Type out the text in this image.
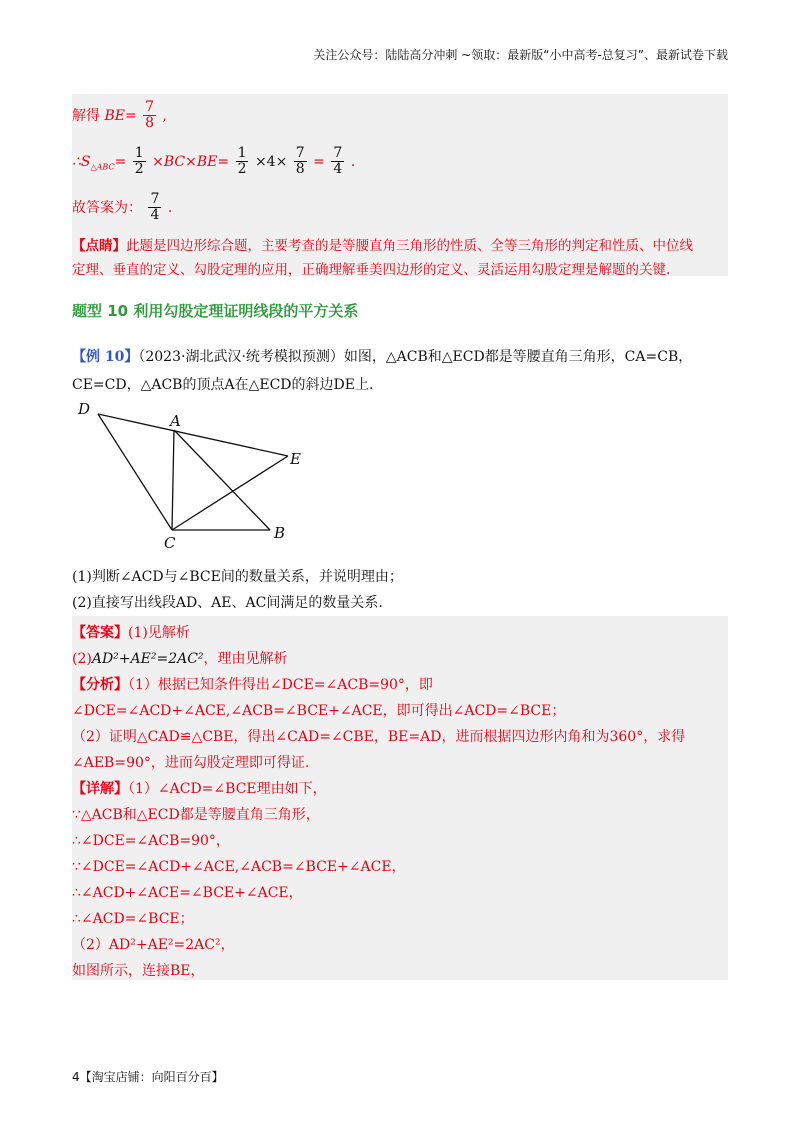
关注公众号：陆陆高分冲刺 ~领取：最新版“小中高考-总复习”、最新试卷下载
解得 $BE= \frac{7}{8}$ ,
$\therefore S_{\triangle ABC}= \frac{1}{2} \times BC\times BE= \frac{1}{2} \times 4\times \frac{7}{8} = \frac{7}{4}$ .
故答案为： $\frac{7}{4}$ .
【点睛】此题是四边形综合题，主要考查的是等腰直角三角形的性质、全等三角形的判定和性质、中位线
定理、垂直的定义、勾股定理的应用，正确理解垂美四边形的定义、灵活运用勾股定理是解题的关键.
题型 10 利用勾股定理证明线段的平方关系
【例 10】（2023·湖北武汉·统考模拟预测）如图，△ACB和△ECD都是等腰直角三角形，CA=CB，
CE=CD，△ACB的顶点A在△ECD的斜边DE上.
D
A
E
B
C
(1)判断∠ACD与∠BCE间的数量关系，并说明理由；
(2)直接写出线段AD、AE、AC间满足的数量关系.
【答案】(1)见解析
(2)AD²+AE²=2AC²，理由见解析
【分析】（1）根据已知条件得出∠DCE=∠ACB=90°，即
∠DCE=∠ACD+∠ACE,∠ACB=∠BCE+∠ACE，即可得出∠ACD=∠BCE；
（2）证明△CAD≌△CBE，得出∠CAD=∠CBE，BE=AD，进而根据四边形内角和为360°，求得
∠AEB=90°，进而勾股定理即可得证.
【详解】（1）∠ACD=∠BCE理由如下，
∵△ACB和△ECD都是等腰直角三角形，
∴∠DCE=∠ACB=90°，
∵∠DCE=∠ACD+∠ACE,∠ACB=∠BCE+∠ACE，
∴∠ACD+∠ACE=∠BCE+∠ACE，
∴∠ACD=∠BCE；
（2）AD²+AE²=2AC²，
如图所示，连接BE，
4【淘宝店铺：向阳百分百】
